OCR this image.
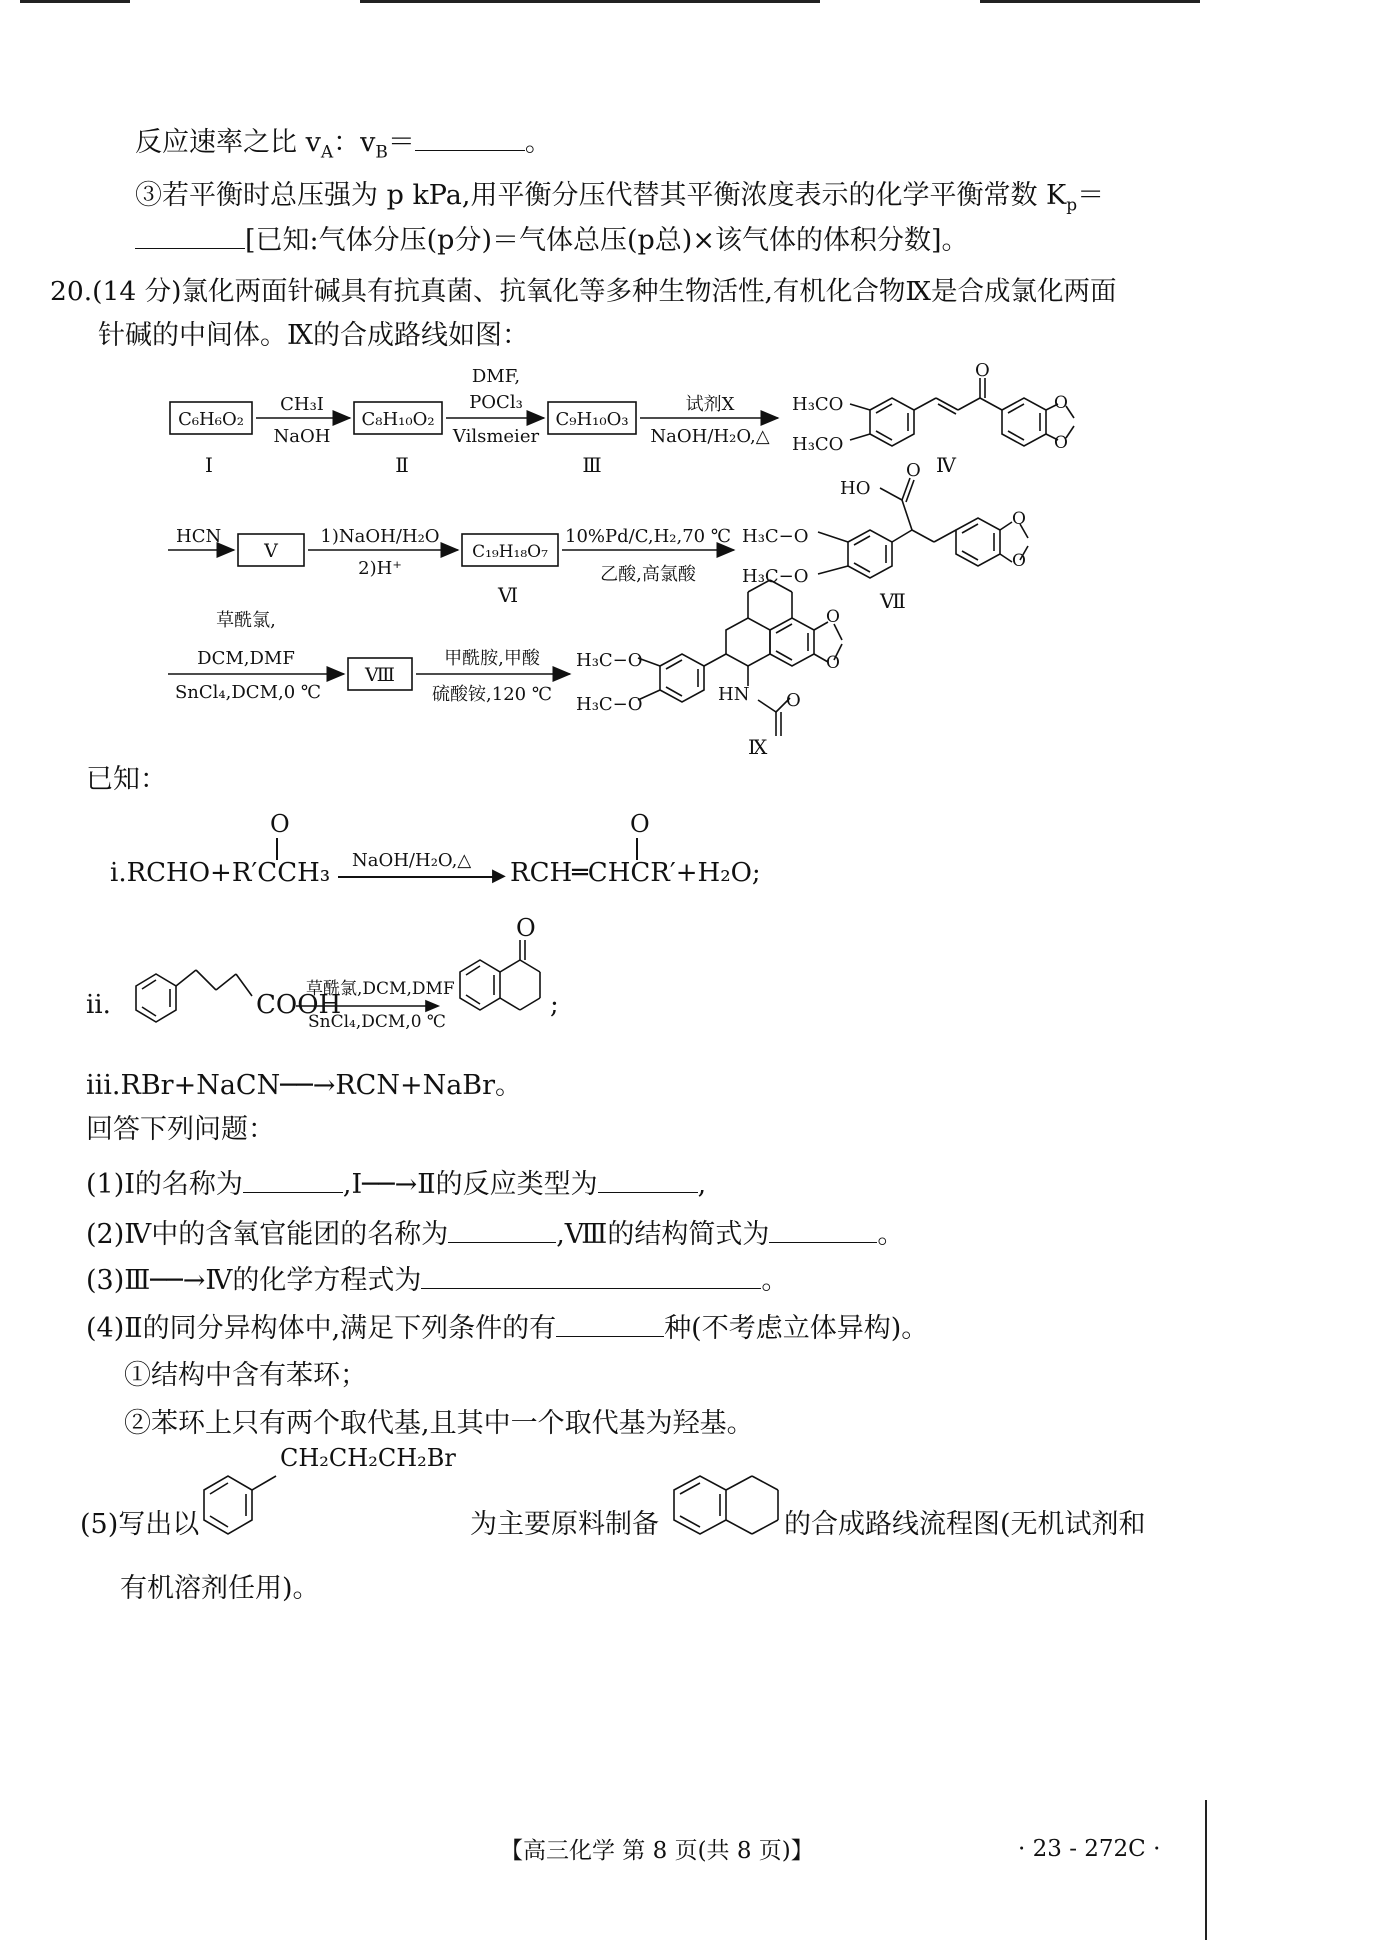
反应速率之比 $v_A$：$v_B=$	。
③若平衡时总压强为 p kPa,用平衡分压代替其平衡浓度表示的化学平衡常数 $K_p=$
[已知:气体分压(p分)＝气体总压(p总)×该气体的体积分数]。
20.(14 分)氯化两面针碱具有抗真菌、抗氧化等多种生物活性,有机化合物Ⅸ是合成氯化两面
针碱的中间体。Ⅸ的合成路线如图：
C₆H₆O₂
Ⅰ
CH₃I
NaOH
C₈H₁₀O₂
Ⅱ
DMF,
POCl₃
Vilsmeier
C₉H₁₀O₃
Ⅲ
试剂X
NaOH/H₂O,△
H₃CO
H₃CO
O
O
O
Ⅳ
HCN
Ⅴ
1)NaOH/H₂O
2)H⁺
C₁₉H₁₈O₇
Ⅵ
10%Pd/C,H₂,70 ℃
乙酸,高氯酸
HO
O
H₃C−O
H₃C−O
O
O
Ⅶ
草酰氯,
DCM,DMF
SnCl₄,DCM,0 ℃
Ⅷ
甲酰胺,甲酸
硫酸铵,120 ℃
H₃C−O
H₃C−O
O
O
HN O
Ⅸ
已知：
O
ⅰ.RCHO+R′CCH₃ NaOH/H₂O,△
▶
O
RCH═CHCR′+H₂O;
ⅱ.	COOH
草酰氯,DCM,DMF
SnCl₄,DCM,0 ℃
O
;
ⅲ.RBr+NaCN──→RCN+NaBr。
回答下列问题：
(1)Ⅰ的名称为	,Ⅰ──→Ⅱ的反应类型为	,
(2)Ⅳ中的含氧官能团的名称为	,Ⅷ的结构简式为	。
(3)Ⅲ──→Ⅳ的化学方程式为	。
(4)Ⅱ的同分异构体中,满足下列条件的有	种(不考虑立体异构)。
①结构中含有苯环；
②苯环上只有两个取代基,且其中一个取代基为羟基。
CH₂CH₂CH₂Br
(5)写出以	为主要原料制备	的合成路线流程图(无机试剂和
有机溶剂任用)。
【高三化学 第 8 页(共 8 页)】	· 23 - 272C ·
